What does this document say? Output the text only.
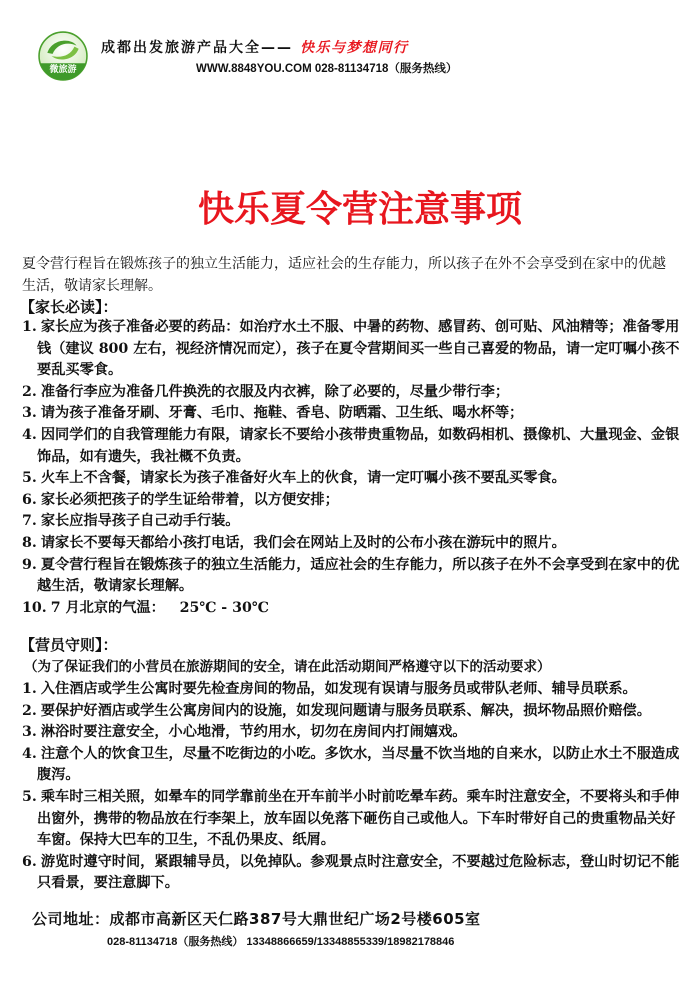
微旅游
成都出发旅游产品大全—— 快乐与梦想同行
WWW.8848YOU.COM 028-81134718（服务热线）
快乐夏令营注意事项
夏令营行程旨在锻炼孩子的独立生活能力，适应社会的生存能力，所以孩子在外不会享受到在家中的优越生活，敬请家长理解。
【家长必读】：
1. 家长应为孩子准备必要的药品：如治疗水土不服、中暑的药物、感冒药、创可贴、风油精等；准备零用钱（建议 800 左右，视经济情况而定），孩子在夏令营期间买一些自己喜爱的物品，请一定叮嘱小孩不要乱买零食。
2. 准备行李应为准备几件换洗的衣服及内衣裤，除了必要的，尽量少带行李；
3. 请为孩子准备牙刷、牙膏、毛巾、拖鞋、香皂、防晒霜、卫生纸、喝水杯等；
4. 因同学们的自我管理能力有限，请家长不要给小孩带贵重物品，如数码相机、摄像机、大量现金、金银饰品，如有遗失，我社概不负责。
5. 火车上不含餐，请家长为孩子准备好火车上的伙食，请一定叮嘱小孩不要乱买零食。
6. 家长必须把孩子的学生证给带着，以方便安排；
7. 家长应指导孩子自己动手行装。
8. 请家长不要每天都给小孩打电话，我们会在网站上及时的公布小孩在游玩中的照片。
9. 夏令营行程旨在锻炼孩子的独立生活能力，适应社会的生存能力，所以孩子在外不会享受到在家中的优越生活，敬请家长理解。
10. 7 月北京的气温：   25℃ - 30℃
【营员守则】：
（为了保证我们的小营员在旅游期间的安全，请在此活动期间严格遵守以下的活动要求）
1. 入住酒店或学生公寓时要先检查房间的物品，如发现有误请与服务员或带队老师、辅导员联系。
2. 要保护好酒店或学生公寓房间内的设施，如发现问题请与服务员联系、解决，损坏物品照价赔偿。
3. 淋浴时要注意安全，小心地滑，节约用水，切勿在房间内打闹嬉戏。
4. 注意个人的饮食卫生，尽量不吃街边的小吃。多饮水，当尽量不饮当地的自来水，以防止水土不服造成腹泻。
5. 乘车时三相关照，如晕车的同学靠前坐在开车前半小时前吃晕车药。乘车时注意安全，不要将头和手伸出窗外，携带的物品放在行李架上，放车固以免落下砸伤自己或他人。下车时带好自己的贵重物品关好车窗。保持大巴车的卫生，不乱仍果皮、纸屑。
6. 游览时遵守时间，紧跟辅导员，以免掉队。参观景点时注意安全，不要越过危险标志，登山时切记不能只看景，要注意脚下。
公司地址：成都市高新区天仁路387号大鼎世纪广场2号楼605室
028-81134718（服务热线） 13348866659/13348855339/18982178846
